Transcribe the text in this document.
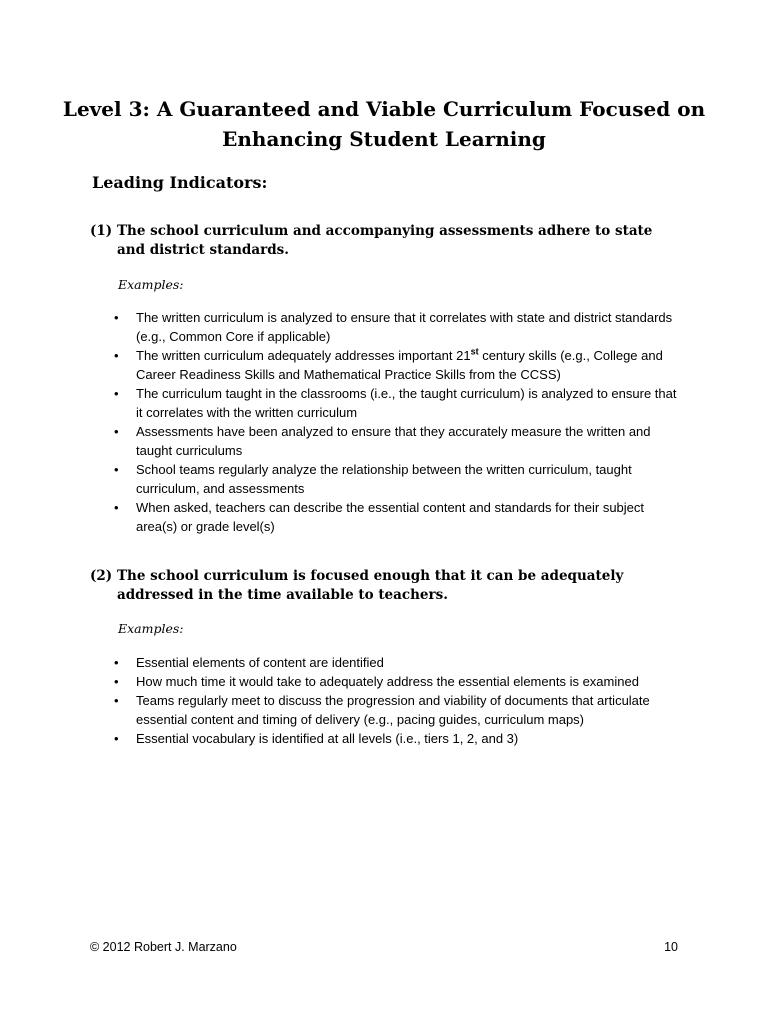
Level 3: A Guaranteed and Viable Curriculum Focused on
Enhancing Student Learning
Leading Indicators:
(1) The school curriculum and accompanying assessments adhere to state and district standards.
Examples:
• The written curriculum is analyzed to ensure that it correlates with state and district standards (e.g., Common Core if applicable)
• The written curriculum adequately addresses important 21st century skills (e.g., College and Career Readiness Skills and Mathematical Practice Skills from the CCSS)
• The curriculum taught in the classrooms (i.e., the taught curriculum) is analyzed to ensure that it correlates with the written curriculum
• Assessments have been analyzed to ensure that they accurately measure the written and taught curriculums
• School teams regularly analyze the relationship between the written curriculum, taught curriculum, and assessments
• When asked, teachers can describe the essential content and standards for their subject area(s) or grade level(s)
(2) The school curriculum is focused enough that it can be adequately addressed in the time available to teachers.
Examples:
• Essential elements of content are identified
• How much time it would take to adequately address the essential elements is examined
• Teams regularly meet to discuss the progression and viability of documents that articulate essential content and timing of delivery (e.g., pacing guides, curriculum maps)
• Essential vocabulary is identified at all levels (i.e., tiers 1, 2, and 3)
© 2012 Robert J. Marzano	10
